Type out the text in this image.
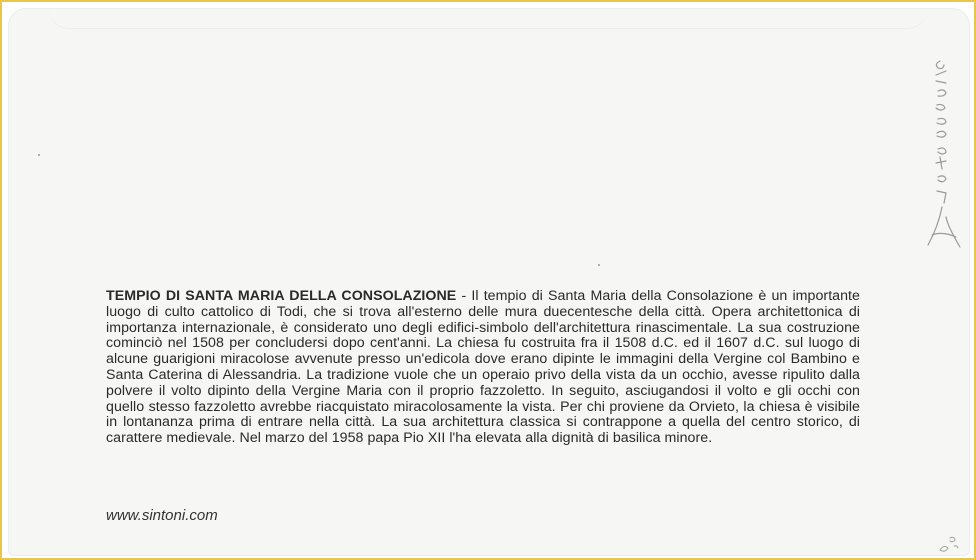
TEMPIO DI SANTA MARIA DELLA CONSOLAZIONE - Il tempio di Santa Maria della Consolazione è un importante luogo di culto cattolico di Todi, che si trova all'esterno delle mura duecentesche della città. Opera architettonica di importanza internazionale, è considerato uno degli edifici-simbolo dell'architettura rinascimentale. La sua costruzione cominciò nel 1508 per concludersi dopo cent'anni. La chiesa fu costruita fra il 1508 d.C. ed il 1607 d.C. sul luogo di alcune guarigioni miracolose avvenute presso un'edicola dove erano dipinte le immagini della Vergine col Bambino e Santa Caterina di Alessandria. La tradizione vuole che un operaio privo della vista da un occhio, avesse ripulito dalla polvere il volto dipinto della Vergine Maria con il proprio fazzoletto. In seguito, asciugandosi il volto e gli occhi con quello stesso fazzoletto avrebbe riacquistato miracolosamente la vista. Per chi proviene da Orvieto, la chiesa è visibile in lontananza prima di entrare nella città. La sua architettura classica si contrappone a quella del centro storico, di carattere medievale. Nel marzo del 1958 papa Pio XII l'ha elevata alla dignità di basilica minore.
www.sintoni.com
